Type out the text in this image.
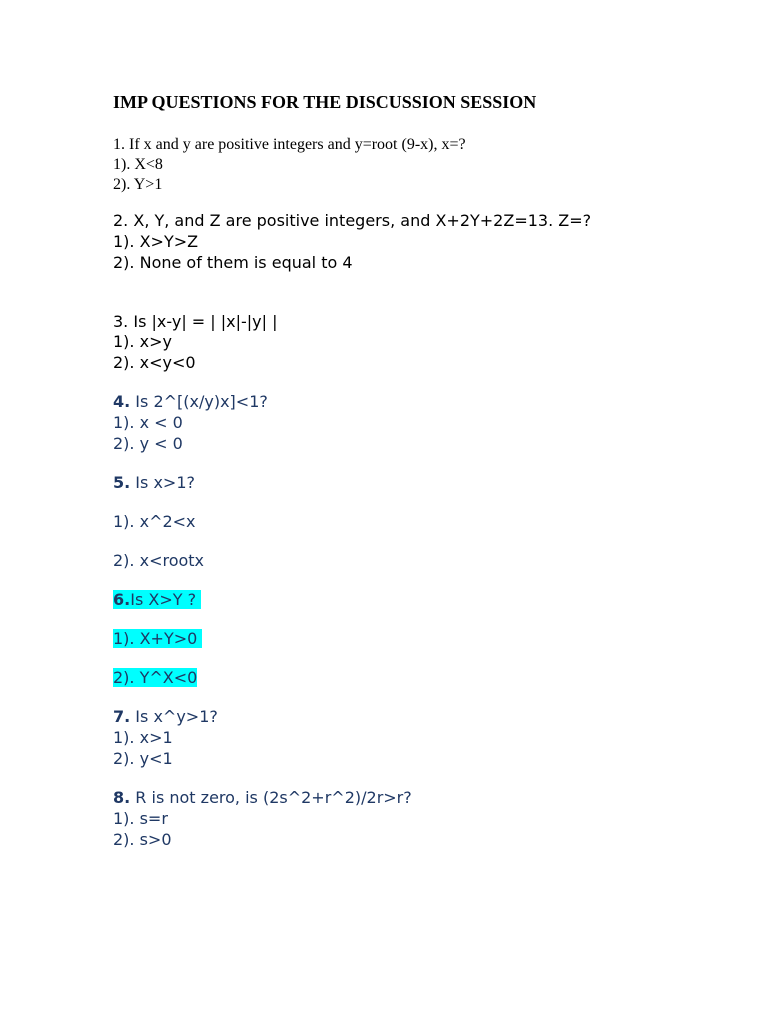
IMP QUESTIONS FOR THE DISCUSSION SESSION
1. If x and y are positive integers and y=root (9-x), x=?
1). X<8
2). Y>1
2. X, Y, and Z are positive integers, and X+2Y+2Z=13. Z=?
1). X>Y>Z
2). None of them is equal to 4
3. Is |x-y| = | |x|-|y| |
1). x>y
2). x<y<0
4. Is 2^[(x/y)x]<1?
1). x < 0
2). y < 0
5. Is x>1?
1). x^2<x
2). x<rootx
6.Is X>Y ?
1). X+Y>0
2). Y^X<0
7. Is x^y>1?
1). x>1
2). y<1
8. R is not zero, is (2s^2+r^2)/2r>r?
1). s=r
2). s>0
